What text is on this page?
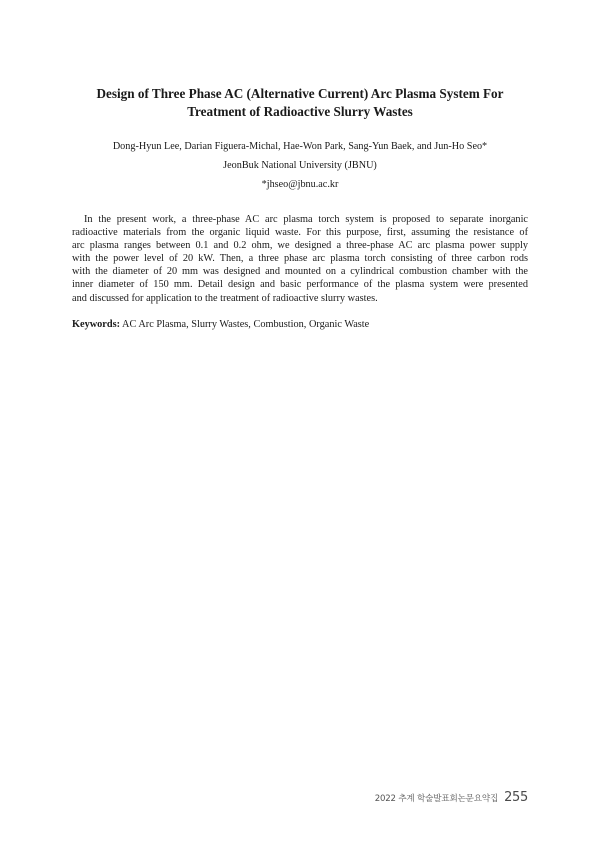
Design of Three Phase AC (Alternative Current) Arc Plasma System For
Treatment of Radioactive Slurry Wastes

Dong-Hyun Lee, Darian Figuera-Michal, Hae-Won Park, Sang-Yun Baek, and Jun-Ho Seo*

JeonBuk National University (JBNU)

*jhseo@jbnu.ac.kr

In the present work, a three-phase AC arc plasma torch system is proposed to separate inorganic
radioactive materials from the organic liquid waste. For this purpose, first, assuming the resistance of
arc plasma ranges between 0.1 and 0.2 ohm, we designed a three-phase AC arc plasma power supply
with the power level of 20 kW. Then, a three phase arc plasma torch consisting of three carbon rods
with the diameter of 20 mm was designed and mounted on a cylindrical combustion chamber with the
inner diameter of 150 mm. Detail design and basic performance of the plasma system were presented
and discussed for application to the treatment of radioactive slurry wastes.

Keywords: AC Arc Plasma, Slurry Wastes, Combustion, Organic Waste

2022 추계 학술발표회논문요약집 255
